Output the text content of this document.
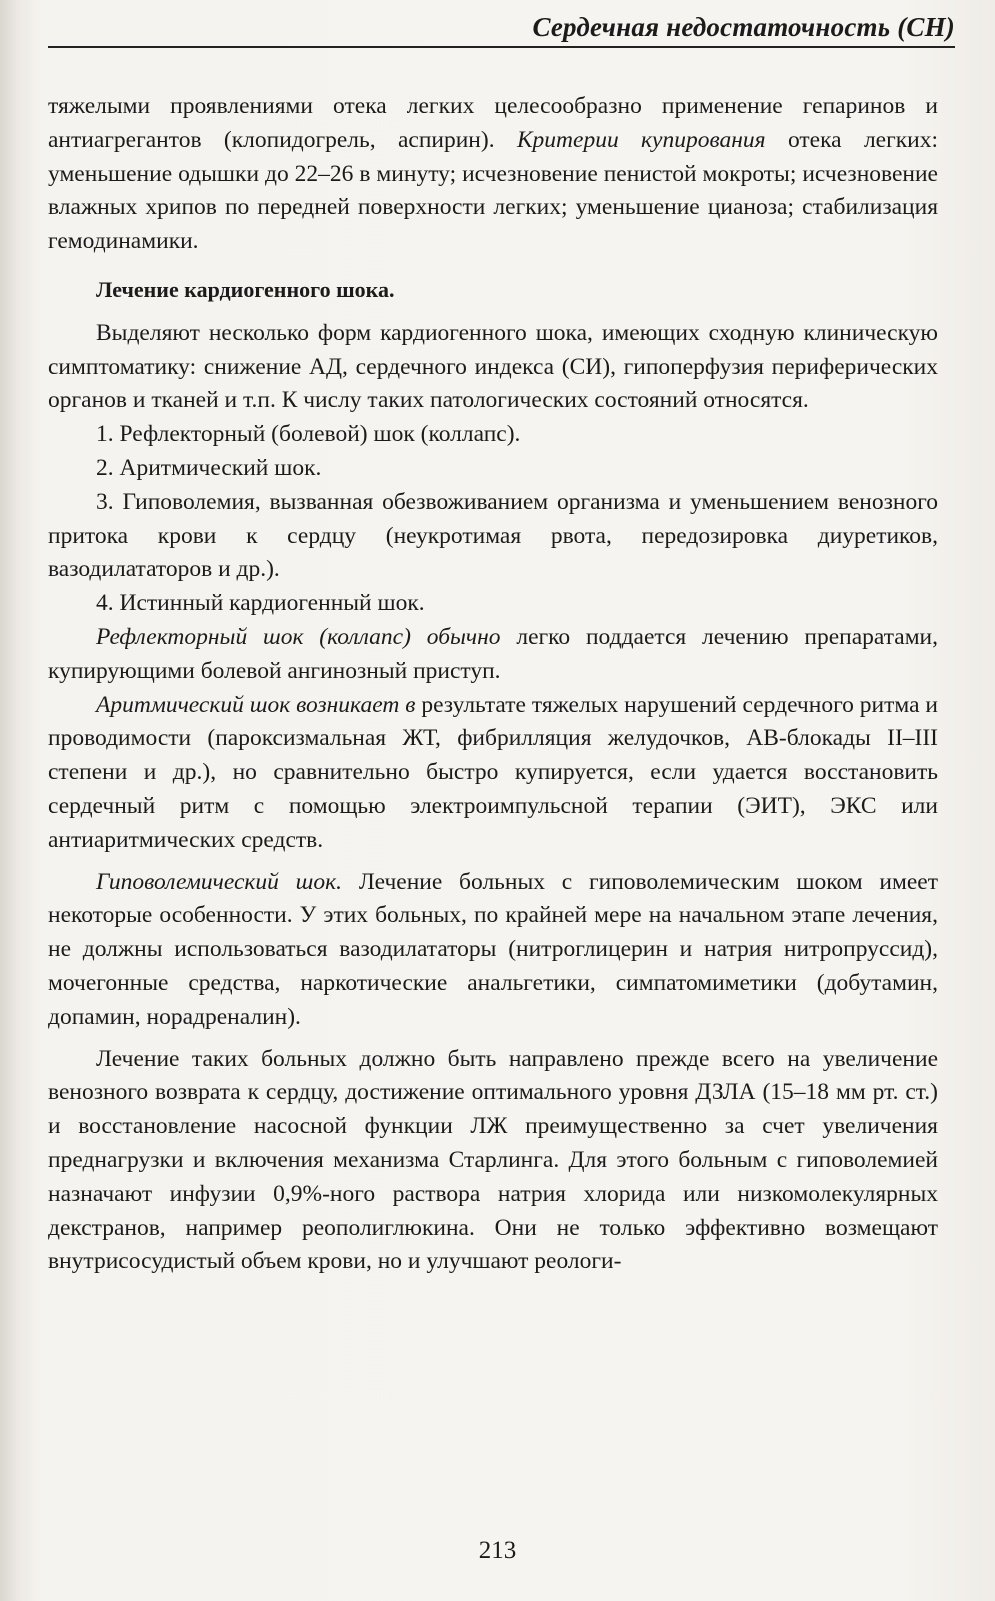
Сердечная недостаточность (СН)

тяжелыми проявлениями отека легких целесообразно применение гепаринов и антиагрегантов (клопидогрель, аспирин). Критерии купирования отека легких: уменьшение одышки до 22–26 в минуту; исчезновение пенистой мокроты; исчезновение влажных хрипов по передней поверхности легких; уменьшение цианоза; стабилизация гемодинамики.

Лечение кардиогенного шока.

Выделяют несколько форм кардиогенного шока, имеющих сходную клиническую симптоматику: снижение АД, сердечного индекса (СИ), гипоперфузия периферических органов и тканей и т.п. К числу таких патологических состояний относятся.

1. Рефлекторный (болевой) шок (коллапс).

2. Аритмический шок.

3. Гиповолемия, вызванная обезвоживанием организма и уменьшением венозного притока крови к сердцу (неукротимая рвота, передозировка диуретиков, вазодилататоров и др.).

4. Истинный кардиогенный шок.

Рефлекторный шок (коллапс) обычно легко поддается лечению препаратами, купирующими болевой ангинозный приступ.

Аритмический шок возникает в результате тяжелых нарушений сердечного ритма и проводимости (пароксизмальная ЖТ, фибрилляция желудочков, АВ-блокады II–III степени и др.), но сравнительно быстро купируется, если удается восстановить сердечный ритм с помощью электроимпульсной терапии (ЭИТ), ЭКС или антиаритмических средств.

Гиповолемический шок. Лечение больных с гиповолемическим шоком имеет некоторые особенности. У этих больных, по крайней мере на начальном этапе лечения, не должны использоваться вазодилататоры (нитроглицерин и натрия нитропруссид), мочегонные средства, наркотические анальгетики, симпатомиметики (добутамин, допамин, норадреналин).

Лечение таких больных должно быть направлено прежде всего на увеличение венозного возврата к сердцу, достижение оптимального уровня ДЗЛА (15–18 мм рт. ст.) и восстановление насосной функции ЛЖ преимущественно за счет увеличения преднагрузки и включения механизма Старлинга. Для этого больным с гиповолемией назначают инфузии 0,9%-ного раствора натрия хлорида или низкомолекулярных декстранов, например реополиглюкина. Они не только эффективно возмещают внутрисосудистый объем крови, но и улучшают реологи-

213
